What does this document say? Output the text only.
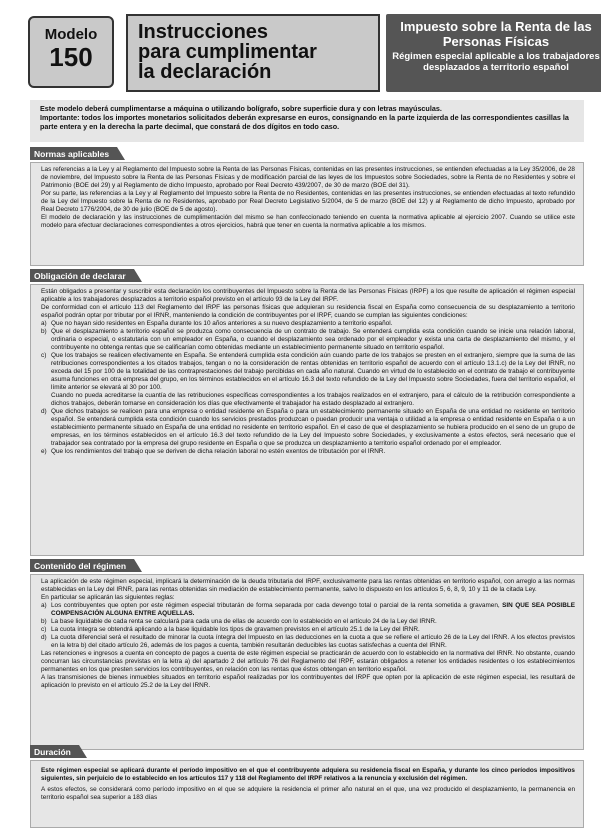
Modelo
150
Instrucciones
para cumplimentar
la declaración
Impuesto sobre la Renta de las Personas Físicas
Régimen especial aplicable a los trabajadores desplazados a territorio español

Este modelo deberá cumplimentarse a máquina o utilizando bolígrafo, sobre superficie dura y con letras mayúsculas.

Importante: todos los importes monetarios solicitados deberán expresarse en euros, consignando en la parte izquierda de las correspondientes casillas la parte entera y en la derecha la parte decimal, que constará de dos dígitos en todo caso.

Normas aplicables

Las referencias a la Ley y al Reglamento del Impuesto sobre la Renta de las Personas Físicas, contenidas en las presentes instrucciones, se entienden efectuadas a la Ley 35/2006, de 28 de noviembre, del Impuesto sobre la Renta de las Personas Físicas y de modificación parcial de las leyes de los Impuestos sobre Sociedades, sobre la Renta de no Residentes y sobre el Patrimonio (BOE del 29) y al Reglamento de dicho Impuesto, aprobado por Real Decreto 439/2007, de 30 de marzo (BOE del 31).

Por su parte, las referencias a la Ley y al Reglamento del Impuesto sobre la Renta de no Residentes, contenidas en las presentes instrucciones, se entienden efectuadas al texto refundido de la Ley del Impuesto sobre la Renta de no Residentes, aprobado por Real Decreto Legislativo 5/2004, de 5 de marzo (BOE del 12) y al Reglamento de dicho Impuesto, aprobado por Real Decreto 1776/2004, de 30 de julio (BOE de 5 de agosto).

El modelo de declaración y las instrucciones de cumplimentación del mismo se han confeccionado teniendo en cuenta la normativa aplicable al ejercicio 2007. Cuando se utilice este modelo para efectuar declaraciones correspondientes a otros ejercicios, habrá que tener en cuenta la normativa aplicable a los mismos.

Obligación de declarar

Están obligados a presentar y suscribir esta declaración los contribuyentes del Impuesto sobre la Renta de las Personas Físicas (IRPF) a los que resulte de aplicación el régimen especial aplicable a los trabajadores desplazados a territorio español previsto en el artículo 93 de la Ley del IRPF.

De conformidad con el artículo 113 del Reglamento del IRPF las personas físicas que adquieran su residencia fiscal en España como consecuencia de su desplazamiento a territorio español podrán optar por tributar por el IRNR, manteniendo la condición de contribuyentes por el IRPF, cuando se cumplan las siguientes condiciones:

a) Que no hayan sido residentes en España durante los 10 años anteriores a su nuevo desplazamiento a territorio español.
b) Que el desplazamiento a territorio español se produzca como consecuencia de un contrato de trabajo. Se entenderá cumplida esta condición cuando se inicie una relación laboral, ordinaria o especial, o estatutaria con un empleador en España, o cuando el desplazamiento sea ordenado por el empleador y exista una carta de desplazamiento del mismo, y el contribuyente no obtenga rentas que se calificarían como obtenidas mediante un establecimiento permanente situado en territorio español.
c) Que los trabajos se realicen efectivamente en España. Se entenderá cumplida esta condición aún cuando parte de los trabajos se presten en el extranjero, siempre que la suma de las retribuciones correspondientes a los citados trabajos, tengan o no la consideración de rentas obtenidas en territorio español de acuerdo con el artículo 13.1.c) de la Ley del IRNR, no exceda del 15 por 100 de la totalidad de las contraprestaciones del trabajo percibidas en cada año natural. Cuando en virtud de lo establecido en el contrato de trabajo el contribuyente asuma funciones en otra empresa del grupo, en los términos establecidos en el artículo 16.3 del texto refundido de la Ley del Impuesto sobre Sociedades, fuera del territorio español, el límite anterior se elevará al 30 por 100.
Cuando no pueda acreditarse la cuantía de las retribuciones específicas correspondientes a los trabajos realizados en el extranjero, para el cálculo de la retribución correspondiente a dichos trabajos, deberán tomarse en consideración los días que efectivamente el trabajador ha estado desplazado al extranjero.
d) Que dichos trabajos se realicen para una empresa o entidad residente en España o para un establecimiento permanente situado en España de una entidad no residente en territorio español. Se entenderá cumplida esta condición cuando los servicios prestados produzcan o puedan producir una ventaja o utilidad a la empresa o entidad residente en España o a un establecimiento permanente situado en España de una entidad no residente en territorio español. En el caso de que el desplazamiento se hubiera producido en el seno de un grupo de empresas, en los términos establecidos en el artículo 16.3 del texto refundido de la Ley del Impuesto sobre Sociedades, y exclusivamente a estos efectos, será necesario que el trabajador sea contratado por la empresa del grupo residente en España o que se produzca un desplazamiento a territorio español ordenado por el empleador.
e) Que los rendimientos del trabajo que se deriven de dicha relación laboral no estén exentos de tributación por el IRNR.
Contenido del régimen

La aplicación de este régimen especial, implicará la determinación de la deuda tributaria del IRPF, exclusivamente para las rentas obtenidas en territorio español, con arreglo a las normas establecidas en la Ley del IRNR, para las rentas obtenidas sin mediación de establecimiento permanente, salvo lo dispuesto en los artículos 5, 6, 8, 9, 10 y 11 de la citada Ley.

En particular se aplicarán las siguientes reglas:

a) Los contribuyentes que opten por este régimen especial tributarán de forma separada por cada devengo total o parcial de la renta sometida a gravamen, SIN QUE SEA POSIBLE COMPENSACIÓN ALGUNA ENTRE AQUELLAS.
b) La base liquidable de cada renta se calculará para cada una de ellas de acuerdo con lo establecido en el artículo 24 de la Ley del IRNR.
c) La cuota íntegra se obtendrá aplicando a la base liquidable los tipos de gravamen previstos en el artículo 25.1 de la Ley del IRNR.
d) La cuota diferencial será el resultado de minorar la cuota íntegra del Impuesto en las deducciones en la cuota a que se refiere el artículo 26 de la Ley del IRNR. A los efectos previstos en la letra b) del citado artículo 26, además de los pagos a cuenta, también resultarán deducibles las cuotas satisfechas a cuenta del IRNR.

Las retenciones e ingresos a cuenta en concepto de pagos a cuenta de este régimen especial se practicarán de acuerdo con lo establecido en la normativa del IRNR. No obstante, cuando concurran las circunstancias previstas en la letra a) del apartado 2 del artículo 76 del Reglamento del IRPF, estarán obligados a retener los entidades residentes o los establecimientos permanentes en los que presten servicios los contribuyentes, en relación con las rentas que éstos obtengan en territorio español.

A las transmisiones de bienes inmuebles situados en territorio español realizadas por los contribuyentes del IRPF que opten por la aplicación de este régimen especial, les resultará de aplicación lo previsto en el artículo 25.2 de la Ley del IRNR.

Duración

Este régimen especial se aplicará durante el período impositivo en el que el contribuyente adquiera su residencia fiscal en España, y durante los cinco períodos impositivos siguientes, sin perjuicio de lo establecido en los artículos 117 y 118 del Reglamento del IRPF relativos a la renuncia y exclusión del régimen.

A estos efectos, se considerará como período impositivo en el que se adquiere la residencia el primer año natural en el que, una vez producido el desplazamiento, la permanencia en territorio español sea superior a 183 días
